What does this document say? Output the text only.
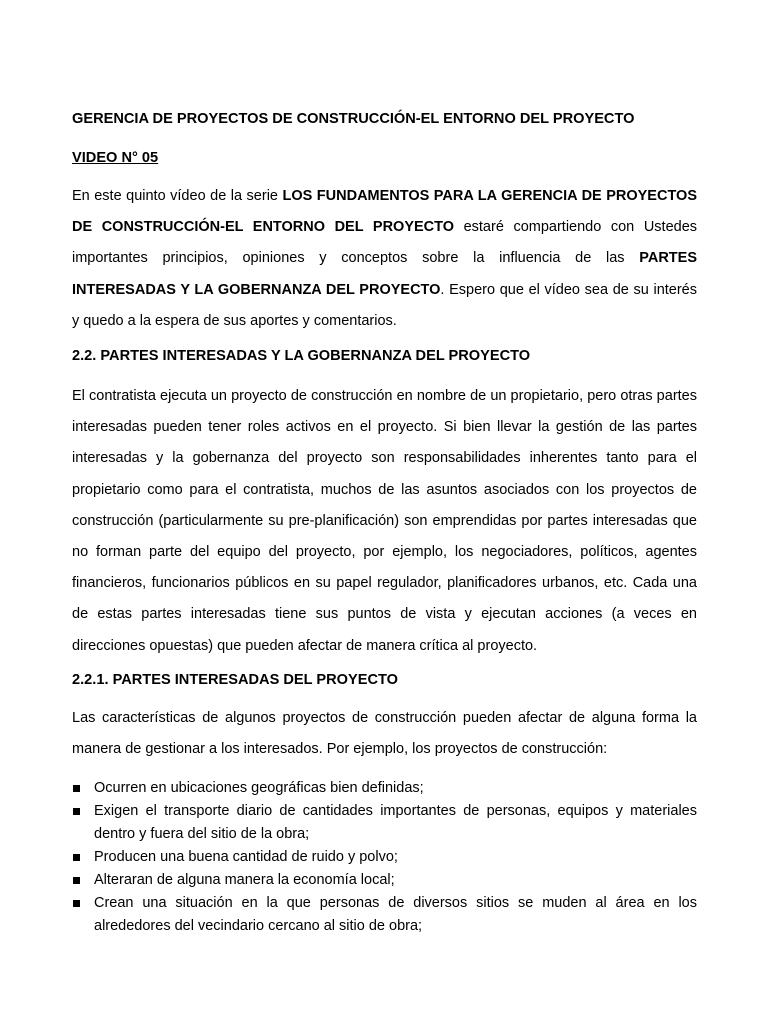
GERENCIA DE PROYECTOS DE CONSTRUCCIÓN-EL ENTORNO DEL PROYECTO
VIDEO N° 05

En este quinto vídeo de la serie LOS FUNDAMENTOS PARA LA GERENCIA DE PROYECTOS DE CONSTRUCCIÓN-EL ENTORNO DEL PROYECTO estaré compartiendo con Ustedes importantes principios, opiniones y conceptos sobre la influencia de las PARTES INTERESADAS Y LA GOBERNANZA DEL PROYECTO. Espero que el vídeo sea de su interés y quedo a la espera de sus aportes y comentarios.

2.2. PARTES INTERESADAS Y LA GOBERNANZA DEL PROYECTO

El contratista ejecuta un proyecto de construcción en nombre de un propietario, pero otras partes interesadas pueden tener roles activos en el proyecto. Si bien llevar la gestión de las partes interesadas y la gobernanza del proyecto son responsabilidades inherentes tanto para el propietario como para el contratista, muchos de las asuntos asociados con los proyectos de construcción (particularmente su pre-planificación) son emprendidas por partes interesadas que no forman parte del equipo del proyecto, por ejemplo, los negociadores, políticos, agentes financieros, funcionarios públicos en su papel regulador, planificadores urbanos, etc. Cada una de estas partes interesadas tiene sus puntos de vista y ejecutan acciones (a veces en direcciones opuestas) que pueden afectar de manera crítica al proyecto.

2.2.1. PARTES INTERESADAS DEL PROYECTO

Las características de algunos proyectos de construcción pueden afectar de alguna forma la manera de gestionar a los interesados. Por ejemplo, los proyectos de construcción:

Ocurren en ubicaciones geográficas bien definidas;
Exigen el transporte diario de cantidades importantes de personas, equipos y materiales dentro y fuera del sitio de la obra;
Producen una buena cantidad de ruido y polvo;
Alteraran de alguna manera la economía local;
Crean una situación en la que personas de diversos sitios se muden al área en los alrededores del vecindario cercano al sitio de obra;
